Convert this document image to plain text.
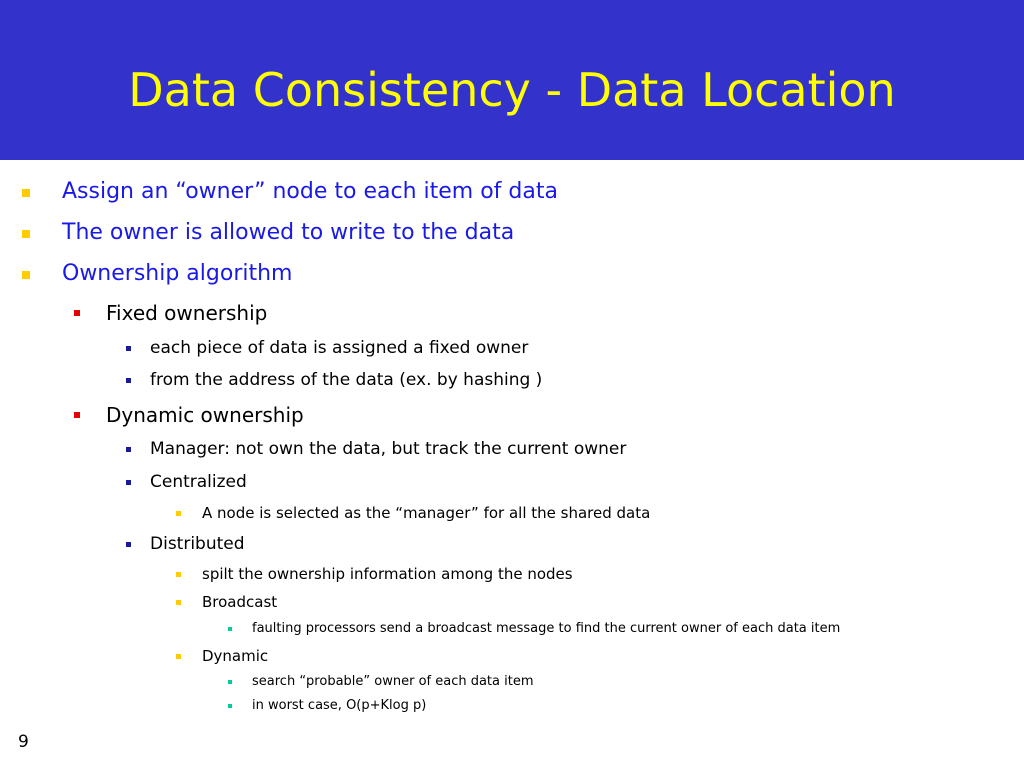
Data Consistency - Data Location
Assign an “owner” node to each item of data
The owner is allowed to write to the data
Ownership algorithm
Fixed ownership
each piece of data is assigned a fixed owner
from the address of the data (ex. by hashing )
Dynamic ownership
Manager: not own the data, but track the current owner
Centralized
A node is selected as the “manager” for all the shared data
Distributed
spilt the ownership information among the nodes
Broadcast
faulting processors send a broadcast message to find the current owner of each data item
Dynamic
search “probable” owner of each data item
in worst case, O(p+Klog p)
9
